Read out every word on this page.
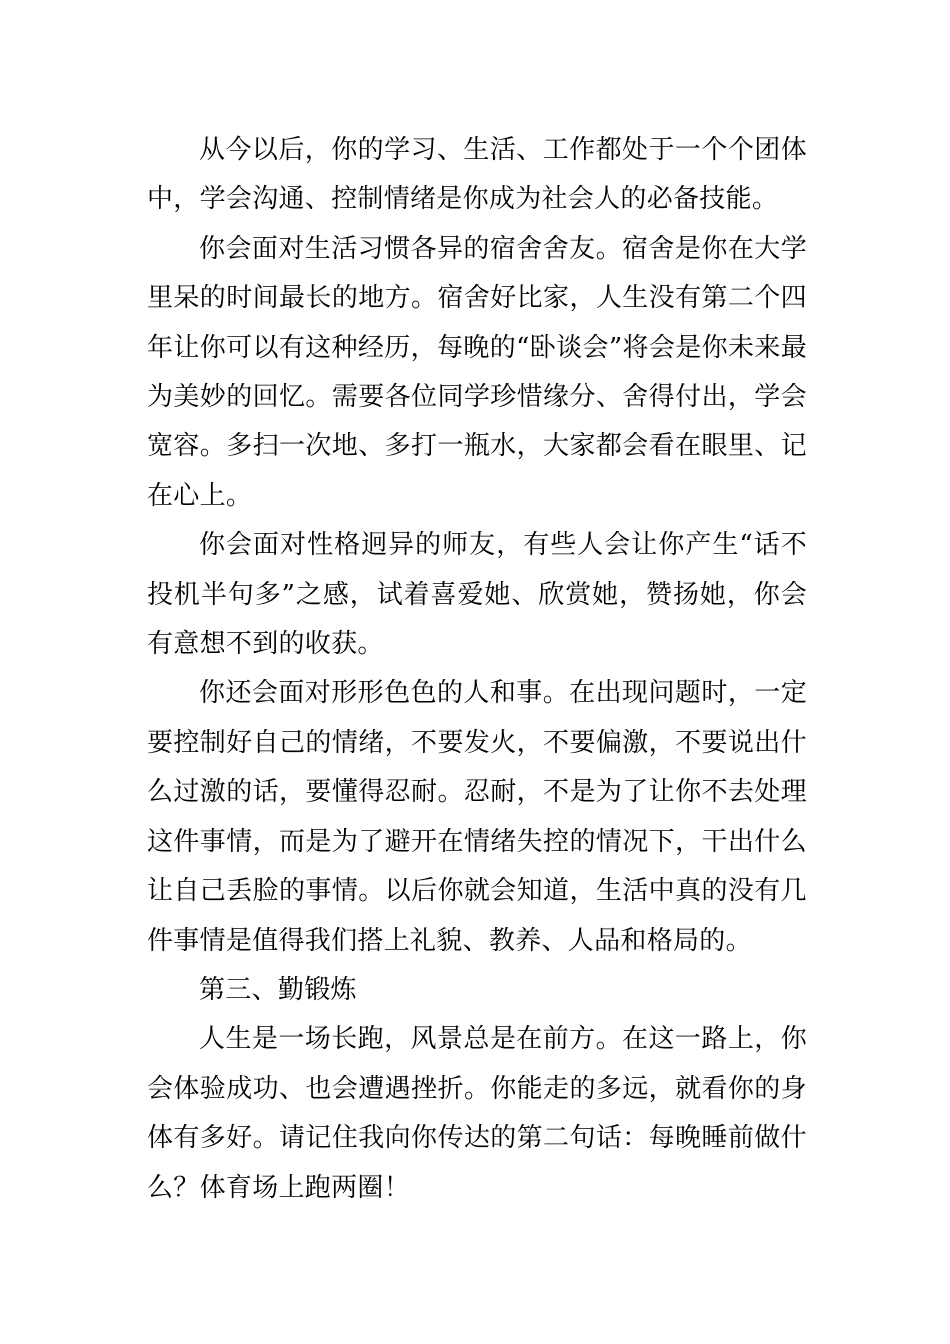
从今以后，你的学习、生活、工作都处于一个个团体中，学会沟通、控制情绪是你成为社会人的必备技能。

你会面对生活习惯各异的宿舍舍友。宿舍是你在大学里呆的时间最长的地方。宿舍好比家，人生没有第二个四年让你可以有这种经历，每晚的“卧谈会”将会是你未来最为美妙的回忆。需要各位同学珍惜缘分、舍得付出，学会宽容。多扫一次地、多打一瓶水，大家都会看在眼里、记在心上。

你会面对性格迥异的师友，有些人会让你产生“话不投机半句多”之感，试着喜爱她、欣赏她，赞扬她，你会有意想不到的收获。

你还会面对形形色色的人和事。在出现问题时，一定要控制好自己的情绪，不要发火，不要偏激，不要说出什么过激的话，要懂得忍耐。忍耐，不是为了让你不去处理这件事情，而是为了避开在情绪失控的情况下，干出什么让自己丢脸的事情。以后你就会知道，生活中真的没有几件事情是值得我们搭上礼貌、教养、人品和格局的。

第三、勤锻炼

人生是一场长跑，风景总是在前方。在这一路上，你会体验成功、也会遭遇挫折。你能走的多远，就看你的身体有多好。请记住我向你传达的第二句话：每晚睡前做什么？体育场上跑两圈！
